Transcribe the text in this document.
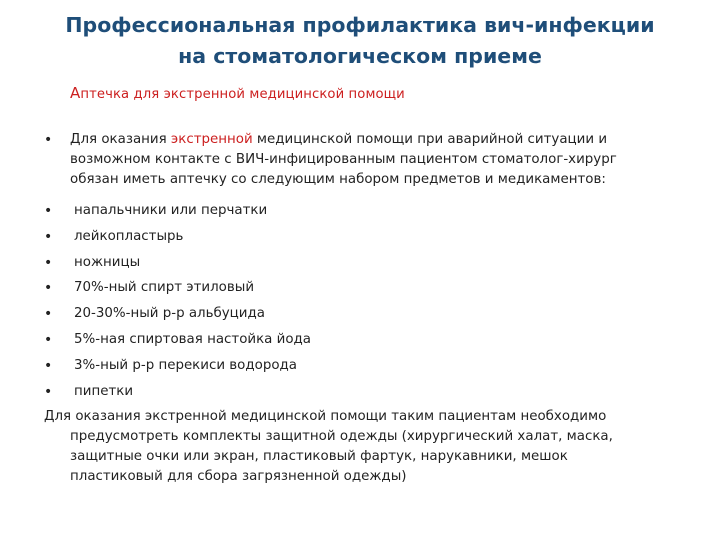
Профессиональная профилактика вич-инфекции
на стоматологическом приеме
Аптечка для экстренной медицинской помощи
• Для оказания экстренной медицинской помощи при аварийной ситуации и
возможном контакте с ВИЧ-инфицированным пациентом стоматолог-хирург
обязан иметь аптечку со следующим набором предметов и медикаментов:
• напальчники или перчатки
• лейкопластырь
• ножницы
• 70%-ный спирт этиловый
• 20-30%-ный р-р альбуцида
• 5%-ная спиртовая настойка йода
• 3%-ный р-р перекиси водорода
• пипетки
Для оказания экстренной медицинской помощи таким пациентам необходимо
предусмотреть комплекты защитной одежды (хирургический халат, маска,
защитные очки или экран, пластиковый фартук, нарукавники, мешок
пластиковый для сбора загрязненной одежды)
